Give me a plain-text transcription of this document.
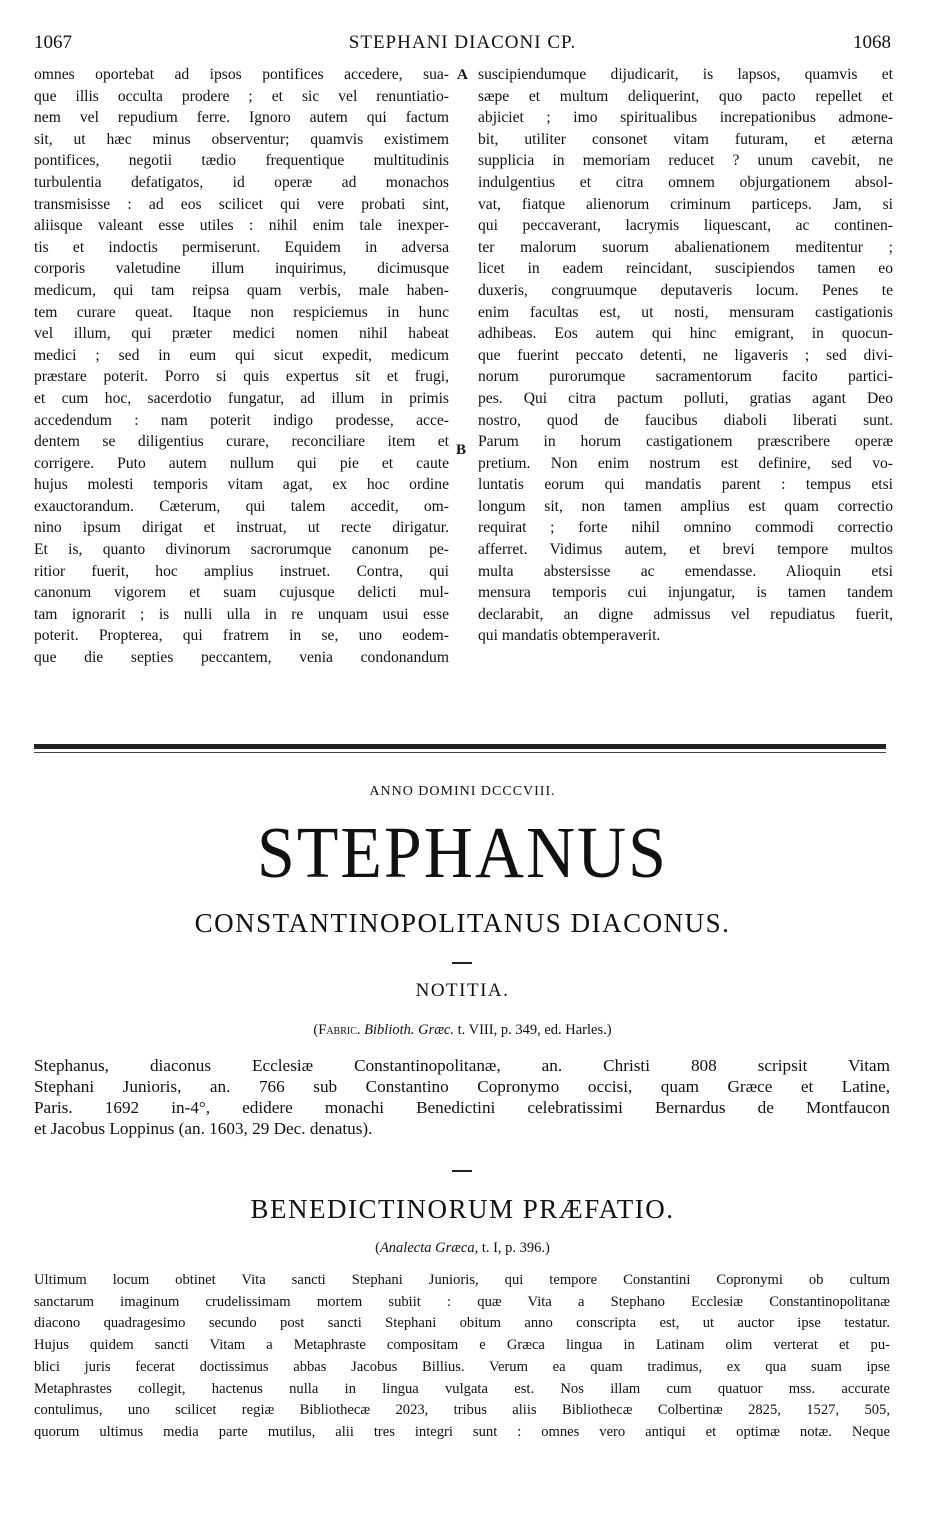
1067	STEPHANI DIACONI CP.	1068
omnes oportebat ad ipsos pontifices accedere, sua-
que illis occulta prodere ; et sic vel renuntiatio-
nem vel repudium ferre. Ignoro autem qui factum
sit, ut hæc minus observentur; quamvis existimem
pontifices, negotii tædio frequentique multitudinis
turbulentia defatigatos, id operæ ad monachos
transmisisse : ad eos scilicet qui vere probati sint,
aliisque valeant esse utiles : nihil enim tale inexper-
tis et indoctis permiserunt. Equidem in adversa
corporis valetudine illum inquirimus, dicimusque
medicum, qui tam reipsa quam verbis, male haben-
tem curare queat. Itaque non respiciemus in hunc
vel illum, qui præter medici nomen nihil habeat
medici ; sed in eum qui sicut expedit, medicum
præstare poterit. Porro si quis expertus sit et frugi,
et cum hoc, sacerdotio fungatur, ad illum in primis
accedendum : nam poterit indigo prodesse, acce-
dentem se diligentius curare, reconciliare item et
corrigere. Puto autem nullum qui pie et caute
hujus molesti temporis vitam agat, ex hoc ordine
exauctorandum. Cæterum, qui talem accedit, om-
nino ipsum dirigat et instruat, ut recte dirigatur.
Et is, quanto divinorum sacrorumque canonum pe-
ritior fuerit, hoc amplius instruet. Contra, qui
canonum vigorem et suam cujusque delicti mul-
tam ignorarit ; is nulli ulla in re unquam usui esse
poterit. Propterea, qui fratrem in se, uno eodem-
que die septies peccantem, venia condonandum
A
B
suscipiendumque dijudicarit, is lapsos, quamvis et
sæpe et multum deliquerint, quo pacto repellet et
abjiciet ; imo spiritualibus increpationibus admone-
bit, utiliter consonet vitam futuram, et æterna
supplicia in memoriam reducet ? unum cavebit, ne
indulgentius et citra omnem objurgationem absol-
vat, fiatque alienorum criminum particeps. Jam, si
qui peccaverant, lacrymis liquescant, ac continen-
ter malorum suorum abalienationem meditentur ;
licet in eadem reincidant, suscipiendos tamen eo
duxeris, congruumque deputaveris locum. Penes te
enim facultas est, ut nosti, mensuram castigationis
adhibeas. Eos autem qui hinc emigrant, in quocun-
que fuerint peccato detenti, ne ligaveris ; sed divi-
norum purorumque sacramentorum facito partici-
pes. Qui citra pactum polluti, gratias agant Deo
nostro, quod de faucibus diaboli liberati sunt.
Parum in horum castigationem præscribere operæ
pretium. Non enim nostrum est definire, sed vo-
luntatis eorum qui mandatis parent : tempus etsi
longum sit, non tamen amplius est quam correctio
requirat ; forte nihil omnino commodi correctio
afferret. Vidimus autem, et brevi tempore multos
multa abstersisse ac emendasse. Alioquin etsi
mensura temporis cui injungatur, is tamen tandem
declarabit, an digne admissus vel repudiatus fuerit,
qui mandatis obtemperaverit.
ANNO DOMINI DCCCVIII.
STEPHANUS
CONSTANTINOPOLITANUS DIACONUS.
NOTITIA.
(Fabric. Biblioth. Græc. t. VIII, p. 349, ed. Harles.)
Stephanus, diaconus Ecclesiæ Constantinopolitanæ, an. Christi 808 scripsit Vitam
Stephani Junioris, an. 766 sub Constantino Copronymo occisi, quam Græce et Latine,
Paris. 1692 in-4°, edidere monachi Benedictini celebratissimi Bernardus de Montfaucon
et Jacobus Loppinus (an. 1603, 29 Dec. denatus).
BENEDICTINORUM PRÆFATIO.
(Analecta Græca, t. I, p. 396.)
Ultimum locum obtinet Vita sancti Stephani Junioris, qui tempore Constantini Copronymi ob cultum
sanctarum imaginum crudelissimam mortem subiit : quæ Vita a Stephano Ecclesiæ Constantinopolitanæ
diacono quadragesimo secundo post sancti Stephani obitum anno conscripta est, ut auctor ipse testatur.
Hujus quidem sancti Vitam a Metaphraste compositam e Græca lingua in Latinam olim verterat et pu-
blici juris fecerat doctissimus abbas Jacobus Billius. Verum ea quam tradimus, ex qua suam ipse
Metaphrastes collegit, hactenus nulla in lingua vulgata est. Nos illam cum quatuor mss. accurate
contulimus, uno scilicet regiæ Bibliothecæ 2023, tribus aliis Bibliothecæ Colbertinæ 2825, 1527, 505,
quorum ultimus media parte mutilus, alii tres integri sunt : omnes vero antiqui et optimæ notæ. Neque
